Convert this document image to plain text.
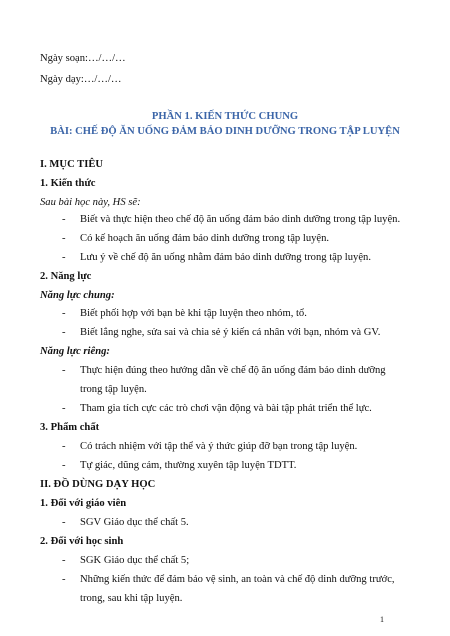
Ngày soạn:…/…/…
Ngày dạy:…/…/…
PHẦN 1. KIẾN THỨC CHUNG
BÀI: CHẾ ĐỘ ĂN UỐNG ĐẢM BẢO DINH DƯỠNG TRONG TẬP LUYỆN
I. MỤC TIÊU
1. Kiến thức
Sau bài học này, HS sẽ:
- Biết và thực hiện theo chế độ ăn uống đảm bảo dinh dưỡng trong tập luyện.
- Có kế hoạch ăn uống đảm bảo dinh dưỡng trong tập luyện.
- Lưu ý về chế độ ăn uống nhằm đảm bảo dinh dưỡng trong tập luyện.
2. Năng lực
Năng lực chung:
- Biết phối hợp với bạn bè khi tập luyện theo nhóm, tổ.
- Biết lắng nghe, sửa sai và chia sẻ ý kiến cá nhân với bạn, nhóm và GV.
Năng lực riêng:
- Thực hiện đúng theo hướng dẫn về chế độ ăn uống đảm bảo dinh dưỡng
trong tập luyện.
- Tham gia tích cực các trò chơi vận động và bài tập phát triển thể lực.
3. Phẩm chất
- Có trách nhiệm với tập thể và ý thức giúp đỡ bạn trong tập luyện.
- Tự giác, dũng cảm, thường xuyên tập luyện TDTT.
II. ĐỒ DÙNG DẠY HỌC
1. Đối với giáo viên
- SGV Giáo dục thể chất 5.
2. Đối với học sinh
- SGK Giáo dục thể chất 5;
- Những kiến thức để đảm bảo vệ sinh, an toàn và chế độ dinh dưỡng trước,
trong, sau khi tập luyện.
1
